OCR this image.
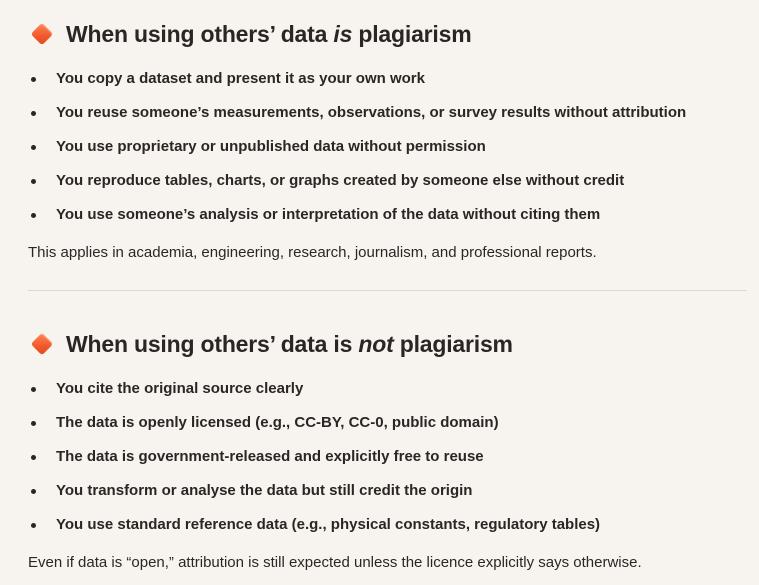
When using others’ data is plagiarism
You copy a dataset and present it as your own work
You reuse someone’s measurements, observations, or survey results without attribution
You use proprietary or unpublished data without permission
You reproduce tables, charts, or graphs created by someone else without credit
You use someone’s analysis or interpretation of the data without citing them

This applies in academia, engineering, research, journalism, and professional reports.

When using others’ data is not plagiarism
You cite the original source clearly
The data is openly licensed (e.g., CC-BY, CC-0, public domain)
The data is government-released and explicitly free to reuse
You transform or analyse the data but still credit the origin
You use standard reference data (e.g., physical constants, regulatory tables)

Even if data is “open,” attribution is still expected unless the licence explicitly says otherwise.
